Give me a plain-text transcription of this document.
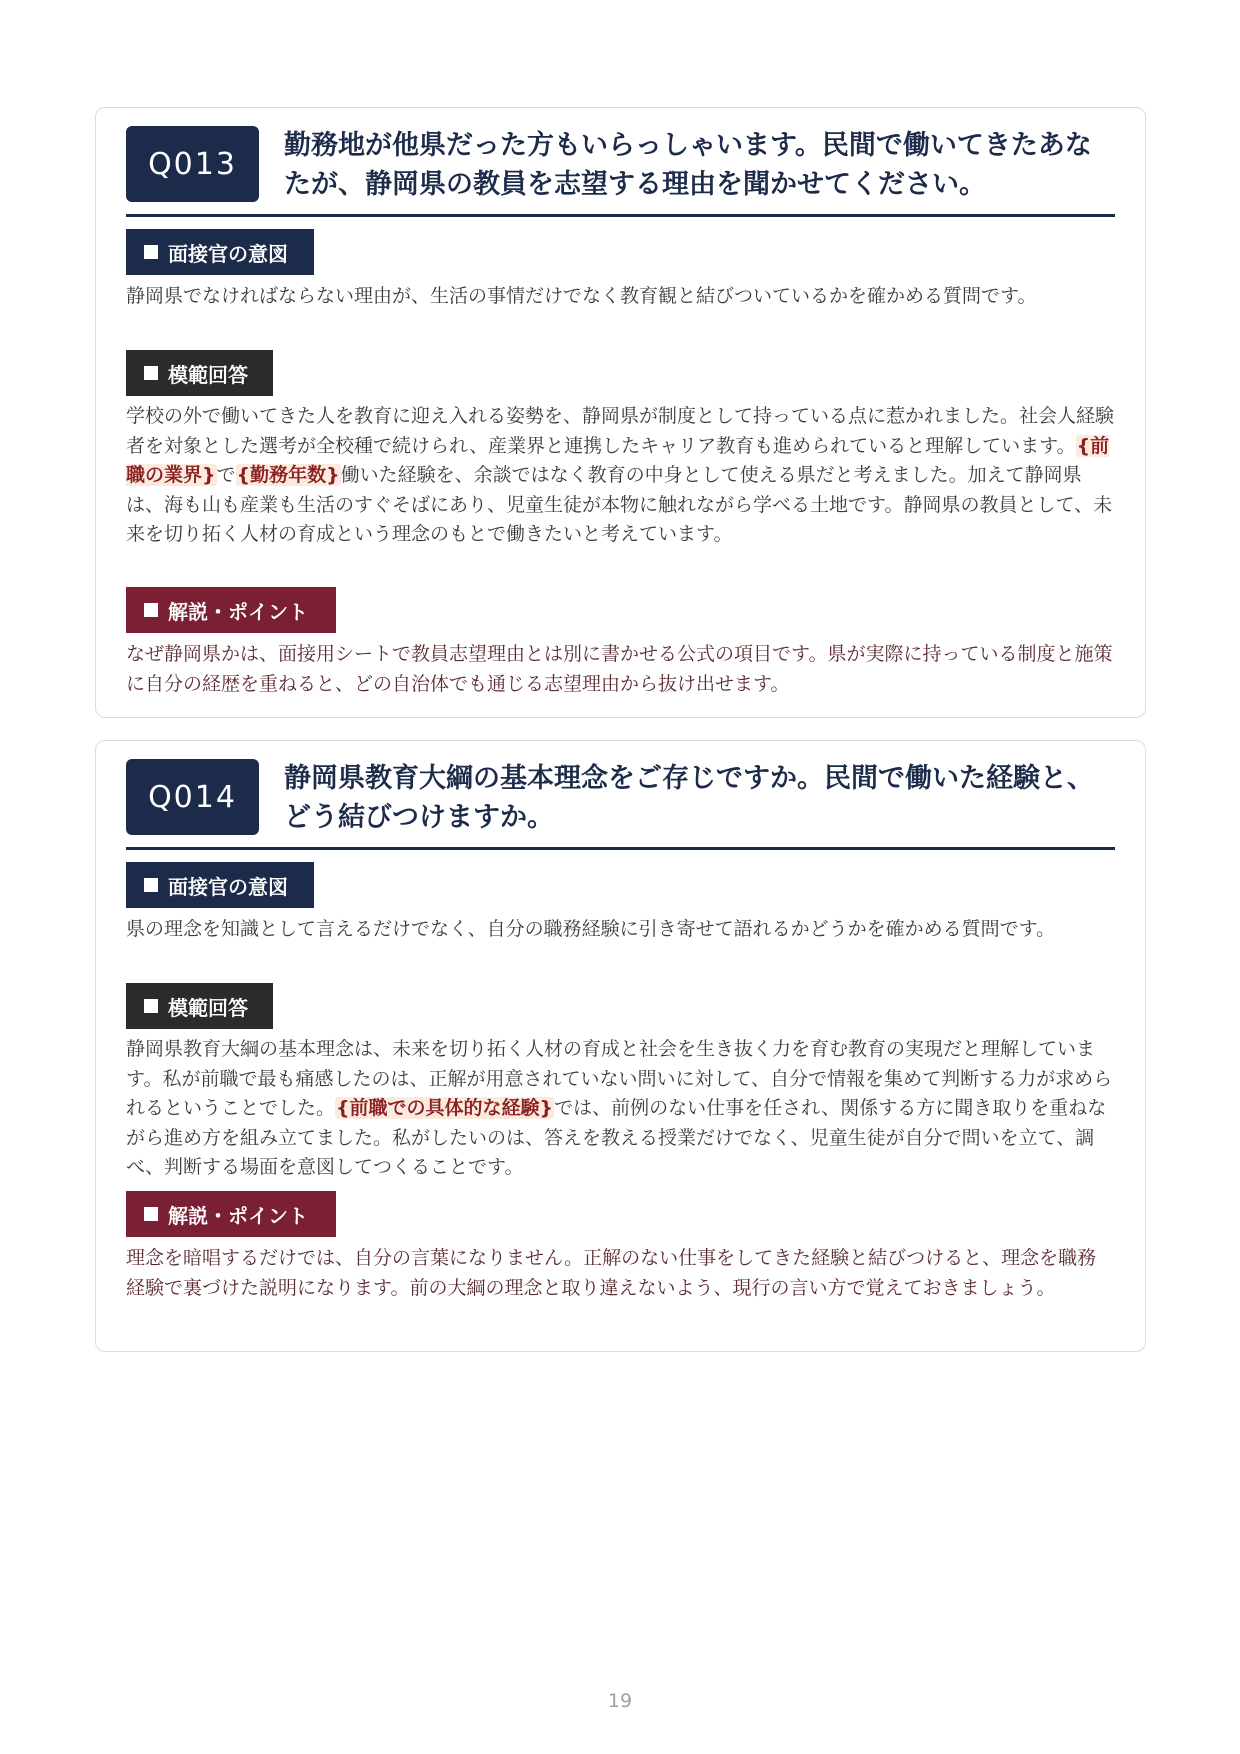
Q013
勤務地が他県だった方もいらっしゃいます。民間で働いてきたあなたが、静岡県の教員を志望する理由を聞かせてください。
面接官の意図
静岡県でなければならない理由が、生活の事情だけでなく教育観と結びついているかを確かめる質問です。
模範回答
学校の外で働いてきた人を教育に迎え入れる姿勢を、静岡県が制度として持っている点に惹かれました。社会人経験者を対象とした選考が全校種で続けられ、産業界と連携したキャリア教育も進められていると理解しています。{前職の業界}で{勤務年数}働いた経験を、余談ではなく教育の中身として使える県だと考えました。加えて静岡県は、海も山も産業も生活のすぐそばにあり、児童生徒が本物に触れながら学べる土地です。静岡県の教員として、未来を切り拓く人材の育成という理念のもとで働きたいと考えています。
解説・ポイント
なぜ静岡県かは、面接用シートで教員志望理由とは別に書かせる公式の項目です。県が実際に持っている制度と施策に自分の経歴を重ねると、どの自治体でも通じる志望理由から抜け出せます。
Q014
静岡県教育大綱の基本理念をご存じですか。民間で働いた経験と、どう結びつけますか。
面接官の意図
県の理念を知識として言えるだけでなく、自分の職務経験に引き寄せて語れるかどうかを確かめる質問です。
模範回答
静岡県教育大綱の基本理念は、未来を切り拓く人材の育成と社会を生き抜く力を育む教育の実現だと理解しています。私が前職で最も痛感したのは、正解が用意されていない問いに対して、自分で情報を集めて判断する力が求められるということでした。{前職での具体的な経験}では、前例のない仕事を任され、関係する方に聞き取りを重ねながら進め方を組み立てました。私がしたいのは、答えを教える授業だけでなく、児童生徒が自分で問いを立て、調べ、判断する場面を意図してつくることです。
解説・ポイント
理念を暗唱するだけでは、自分の言葉になりません。正解のない仕事をしてきた経験と結びつけると、理念を職務経験で裏づけた説明になります。前の大綱の理念と取り違えないよう、現行の言い方で覚えておきましょう。
19
